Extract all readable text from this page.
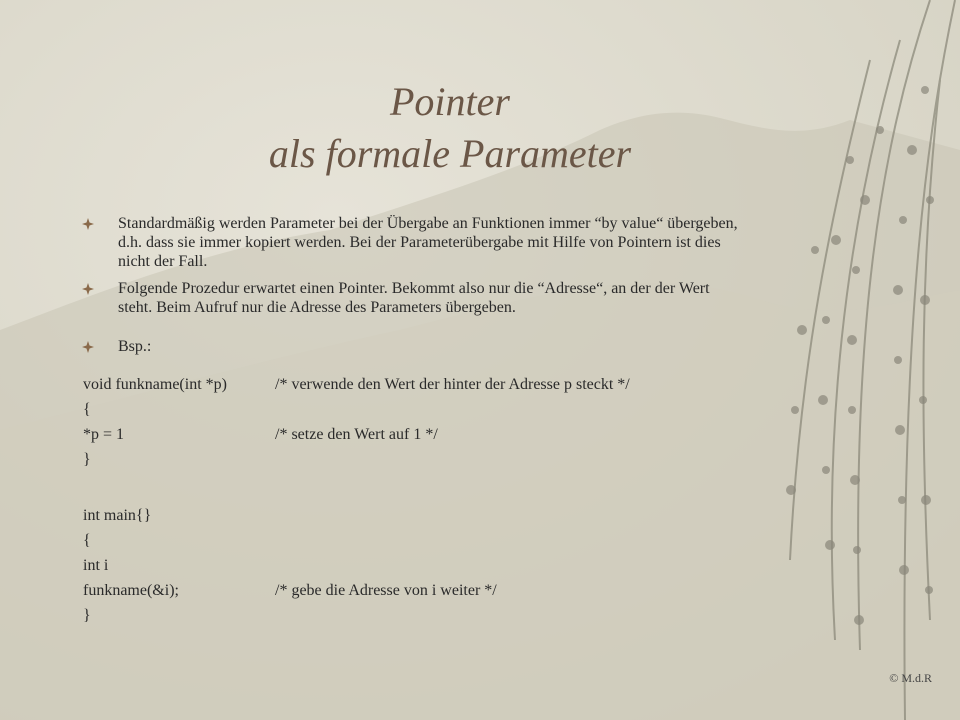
Pointer
als formale Parameter
Standardmäßig werden Parameter bei der Übergabe an Funktionen immer “by value“ übergeben, d.h. dass sie immer kopiert werden. Bei der Parameterübergabe mit Hilfe von Pointern ist dies nicht der Fall.
Folgende Prozedur erwartet einen Pointer. Bekommt also nur die “Adresse“, an der der Wert steht. Beim Aufruf nur die Adresse des Parameters übergeben.
Bsp.:
void funkname(int *p)	/* verwende den Wert der hinter der Adresse p steckt */
{
*p = 1	/* setze den Wert auf 1 */
}
int main{}
{
int i
funkname(&i);	/* gebe die Adresse von i weiter */
}
© M.d.R
